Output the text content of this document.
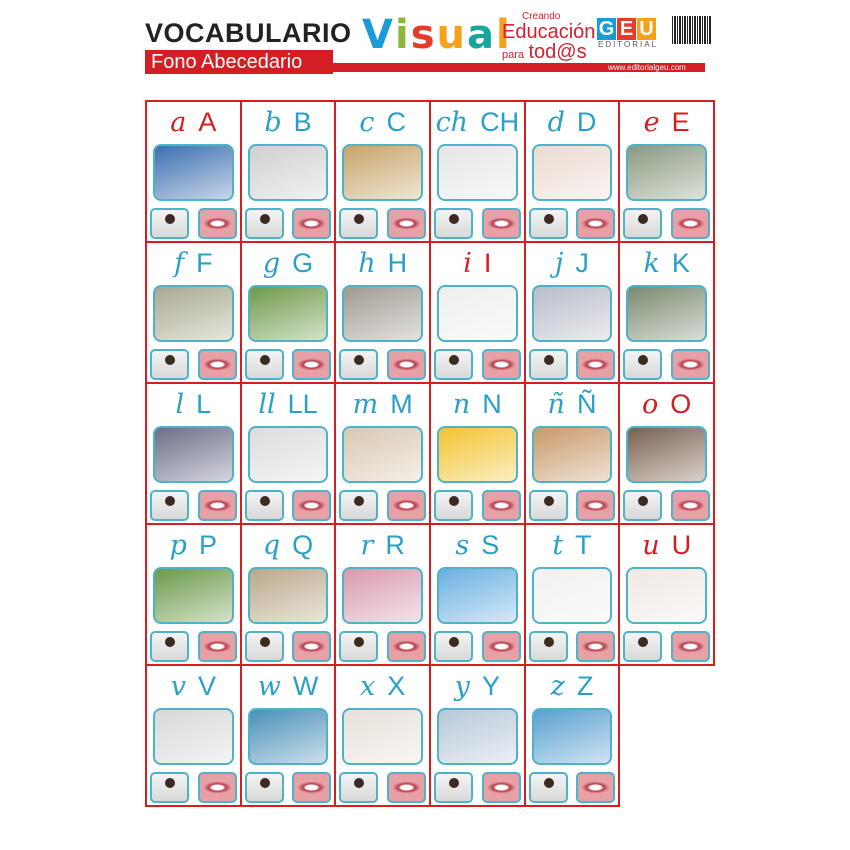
VOCABULARIO Visual	Creando
Educación
para tod@s
G E U
EDITORIAL
Fono Abecedario	www.editorialgeu.com
a A	b B	c C	ch CH	d D	e E
f F	g G	h H	i I	j J	k K
l L	ll LL	m M	n N	ñ Ñ	o O
p P	q Q	r R	s S	t T	u U
v V	w W	x X	y Y	z Z
